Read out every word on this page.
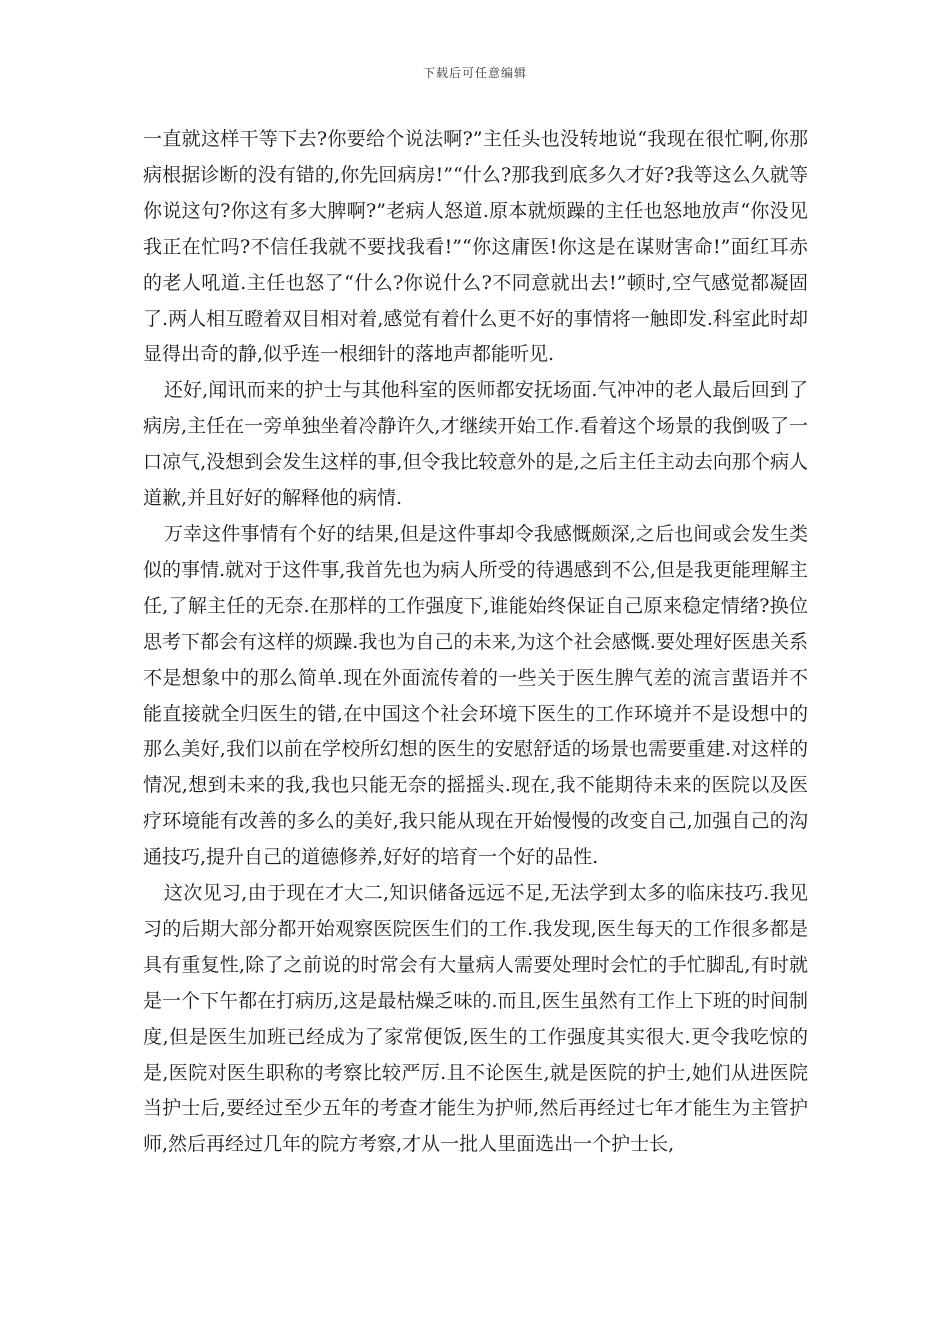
下载后可任意编辑

一直就这样干等下去?你要给个说法啊?”主任头也没转地说“我现在很忙啊,你那病根据诊断的没有错的,你先回病房!”“什么?那我到底多久才好?我等这么久就等你说这句?你这有多大脾啊?”老病人怒道.原本就烦躁的主任也怒地放声“你没见我正在忙吗?不信任我就不要找我看!”“你这庸医!你这是在谋财害命!”面红耳赤的老人吼道.主任也怒了“什么?你说什么?不同意就出去!”顿时,空气感觉都凝固了.两人相互瞪着双目相对着,感觉有着什么更不好的事情将一触即发.科室此时却显得出奇的静,似乎连一根细针的落地声都能听见.

还好,闻讯而来的护士与其他科室的医师都安抚场面.气冲冲的老人最后回到了病房,主任在一旁单独坐着冷静许久,才继续开始工作.看着这个场景的我倒吸了一口凉气,没想到会发生这样的事,但令我比较意外的是,之后主任主动去向那个病人道歉,并且好好的解释他的病情.

万幸这件事情有个好的结果,但是这件事却令我感慨颇深,之后也间或会发生类似的事情.就对于这件事,我首先也为病人所受的待遇感到不公,但是我更能理解主任,了解主任的无奈.在那样的工作强度下,谁能始终保证自己原来稳定情绪?换位思考下都会有这样的烦躁.我也为自己的未来,为这个社会感慨.要处理好医患关系不是想象中的那么简单.现在外面流传着的一些关于医生脾气差的流言蜚语并不能直接就全归医生的错,在中国这个社会环境下医生的工作环境并不是设想中的那么美好,我们以前在学校所幻想的医生的安慰舒适的场景也需要重建.对这样的情况,想到未来的我,我也只能无奈的摇摇头.现在,我不能期待未来的医院以及医疗环境能有改善的多么的美好,我只能从现在开始慢慢的改变自己,加强自己的沟通技巧,提升自己的道德修养,好好的培育一个好的品性.

这次见习,由于现在才大二,知识储备远远不足,无法学到太多的临床技巧.我见习的后期大部分都开始观察医院医生们的工作.我发现,医生每天的工作很多都是具有重复性,除了之前说的时常会有大量病人需要处理时会忙的手忙脚乱,有时就是一个下午都在打病历,这是最枯燥乏味的.而且,医生虽然有工作上下班的时间制度,但是医生加班已经成为了家常便饭,医生的工作强度其实很大.更令我吃惊的是,医院对医生职称的考察比较严厉.且不论医生,就是医院的护士,她们从进医院当护士后,要经过至少五年的考查才能生为护师,然后再经过七年才能生为主管护师,然后再经过几年的院方考察,才从一批人里面选出一个护士长,
